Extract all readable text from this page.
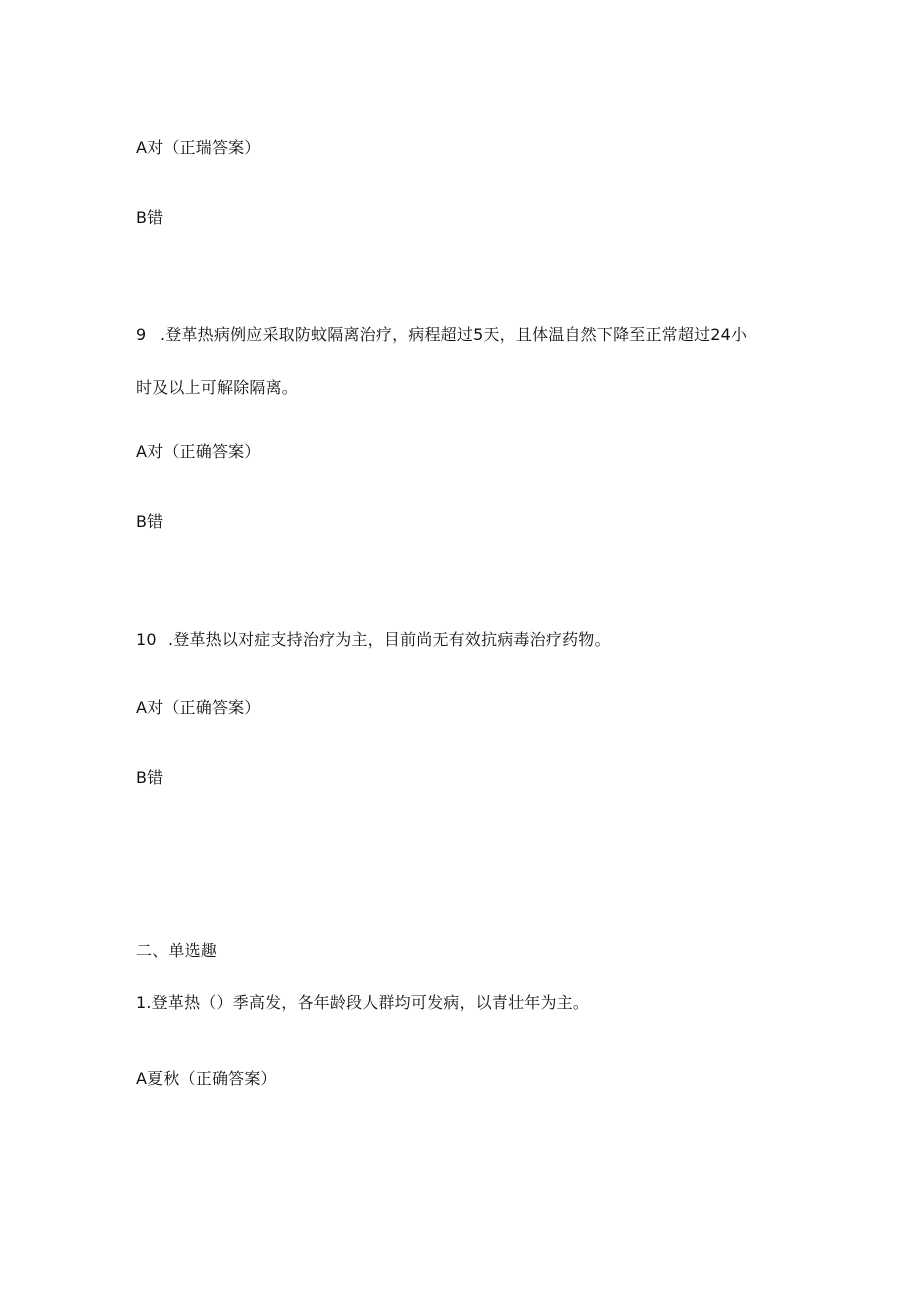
A对（正瑞答案）
B错
9 .登革热病例应采取防蚊隔离治疗，病程超过5天，且体温自然下降至正常超过24小
时及以上可解除隔离。
A对（正确答案）
B错
10 .登革热以对症支持治疗为主，目前尚无有效抗病毒治疗药物。
A对（正确答案）
B错
二、单选趣
1.登革热（）季高发，各年龄段人群均可发病，以青壮年为主。
A夏秋（正确答案）
